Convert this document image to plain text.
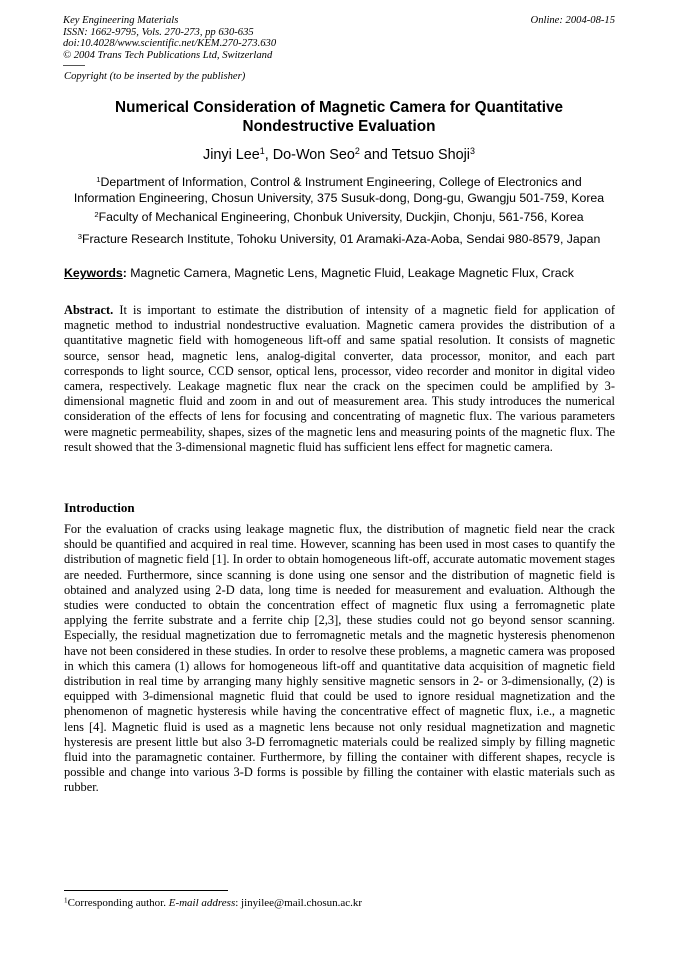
Key Engineering Materials
ISSN: 1662-9795, Vols. 270-273, pp 630-635
doi:10.4028/www.scientific.net/KEM.270-273.630
© 2004 Trans Tech Publications Ltd, Switzerland
Online: 2004-08-15
Copyright (to be inserted by the publisher)
Numerical Consideration of Magnetic Camera for Quantitative
Nondestructive Evaluation
Jinyi Lee$^1$, Do-Won Seo$^2$ and Tetsuo Shoji$^3$
$^1$Department of Information, Control & Instrument Engineering, College of Electronics and
Information Engineering, Chosun University, 375 Susuk-dong, Dong-gu, Gwangju 501-759, Korea
$^2$Faculty of Mechanical Engineering, Chonbuk University, Duckjin, Chonju, 561-756, Korea
$^3$Fracture Research Institute, Tohoku University, 01 Aramaki-Aza-Aoba, Sendai 980-8579, Japan
Keywords: Magnetic Camera, Magnetic Lens, Magnetic Fluid, Leakage Magnetic Flux, Crack
Abstract. It is important to estimate the distribution of intensity of a magnetic field for application of magnetic method to industrial nondestructive evaluation. Magnetic camera provides the distribution of a quantitative magnetic field with homogeneous lift-off and same spatial resolution. It consists of magnetic source, sensor head, magnetic lens, analog-digital converter, data processor, monitor, and each part corresponds to light source, CCD sensor, optical lens, processor, video recorder and monitor in digital video camera, respectively. Leakage magnetic flux near the crack on the specimen could be amplified by 3-dimensional magnetic fluid and zoom in and out of measurement area. This study introduces the numerical consideration of the effects of lens for focusing and concentrating of magnetic flux. The various parameters were magnetic permeability, shapes, sizes of the magnetic lens and measuring points of the magnetic flux. The result showed that the 3-dimensional magnetic fluid has sufficient lens effect for magnetic camera.
Introduction
For the evaluation of cracks using leakage magnetic flux, the distribution of magnetic field near the crack should be quantified and acquired in real time. However, scanning has been used in most cases to quantify the distribution of magnetic field [1]. In order to obtain homogeneous lift-off, accurate automatic movement stages are needed. Furthermore, since scanning is done using one sensor and the distribution of magnetic field is obtained and analyzed using 2-D data, long time is needed for measurement and evaluation. Although the studies were conducted to obtain the concentration effect of magnetic flux using a ferromagnetic plate applying the ferrite substrate and a ferrite chip [2,3], these studies could not go beyond sensor scanning. Especially, the residual magnetization due to ferromagnetic metals and the magnetic hysteresis phenomenon have not been considered in these studies. In order to resolve these problems, a magnetic camera was proposed in which this camera (1) allows for homogeneous lift-off and quantitative data acquisition of magnetic field distribution in real time by arranging many highly sensitive magnetic sensors in 2- or 3-dimensionally, (2) is equipped with 3-dimensional magnetic fluid that could be used to ignore residual magnetization and the phenomenon of magnetic hysteresis while having the concentrative effect of magnetic flux, i.e., a magnetic lens [4]. Magnetic fluid is used as a magnetic lens because not only residual magnetization and magnetic hysteresis are present little but also 3-D ferromagnetic materials could be realized simply by filling magnetic fluid into the paramagnetic container. Furthermore, by filling the container with different shapes, recycle is possible and change into various 3-D forms is possible by filling the container with elastic materials such as rubber.
$^1$Corresponding author. E-mail address: jinyilee@mail.chosun.ac.kr
